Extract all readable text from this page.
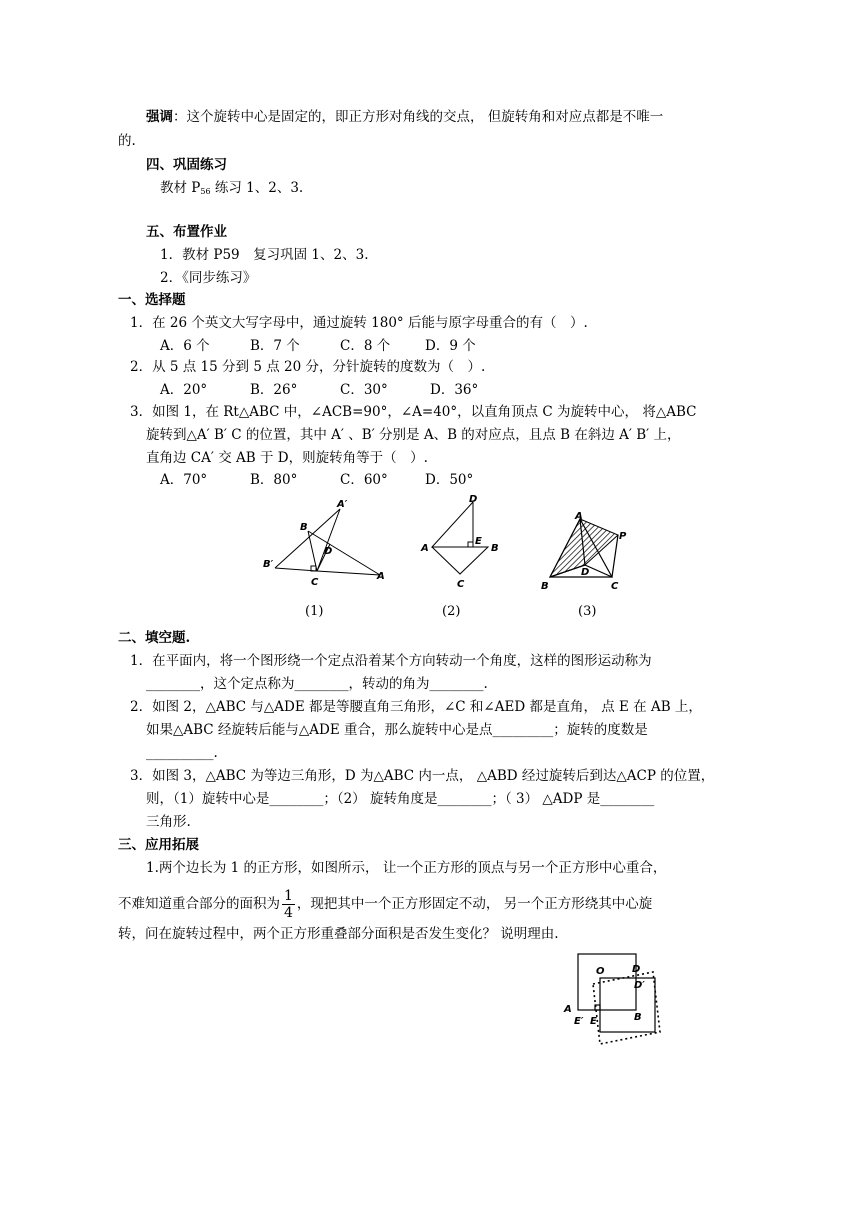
强调：这个旋转中心是固定的，即正方形对角线的交点， 但旋转角和对应点都是不唯一
的.
四、巩固练习
教材 $P_{56}$ 练习 1、2、3.
五、布置作业
1．教材 P59　复习巩固 1、2、3.
2．《同步练习》
一、选择题
1．在 26 个英文大写字母中，通过旋转 180° 后能与原字母重合的有（　）.
A．6 个	B．7 个	C．8 个	D．9 个
2．从 5 点 15 分到 5 点 20 分，分针旋转的度数为（　）.
A．20°	B．26°	C．30°	D．36°
3．如图 1，在 Rt△ABC 中，∠ACB=90°，∠A=40°，以直角顶点 C 为旋转中心， 将△ABC
旋转到△A′ B′ C 的位置，其中 A′ 、B′ 分别是 A、B 的对应点，且点 B 在斜边 A′ B′ 上，
直角边 CA′ 交 AB 于 D，则旋转角等于（　）.
A．70°	B．80°	C．60°	D．50°
A′
B
D
B′
C
A
D
A
E
B
C
A
P
D
B	C
(1)	(2)	(3)
二、填空题.
1．在平面内，将一个图形绕一个定点沿着某个方向转动一个角度，这样的图形运动称为
________，这个定点称为________，转动的角为________.
2．如图 2，△ABC 与△ADE 都是等腰直角三角形，∠C 和∠AED 都是直角， 点 E 在 AB 上，
如果△ABC 经旋转后能与△ADE 重合，那么旋转中心是点_________；旋转的度数是
__________.
3．如图 3，△ABC 为等边三角形，D 为△ABC 内一点， △ABD 经过旋转后到达△ACP 的位置，
则，（1）旋转中心是________；（2） 旋转角度是________；（ 3） △ADP 是________
三角形.
三、应用拓展
1.两个边长为 1 的正方形，如图所示， 让一个正方形的顶点与另一个正方形中心重合，
不难知道重合部分的面积为 $\frac{1}{4}$ ，现把其中一个正方形固定不动， 另一个正方形绕其中心旋
转，问在旋转过程中，两个正方形重叠部分面积是否发生变化？ 说明理由.
O	D
D′
A
E′ E	B
